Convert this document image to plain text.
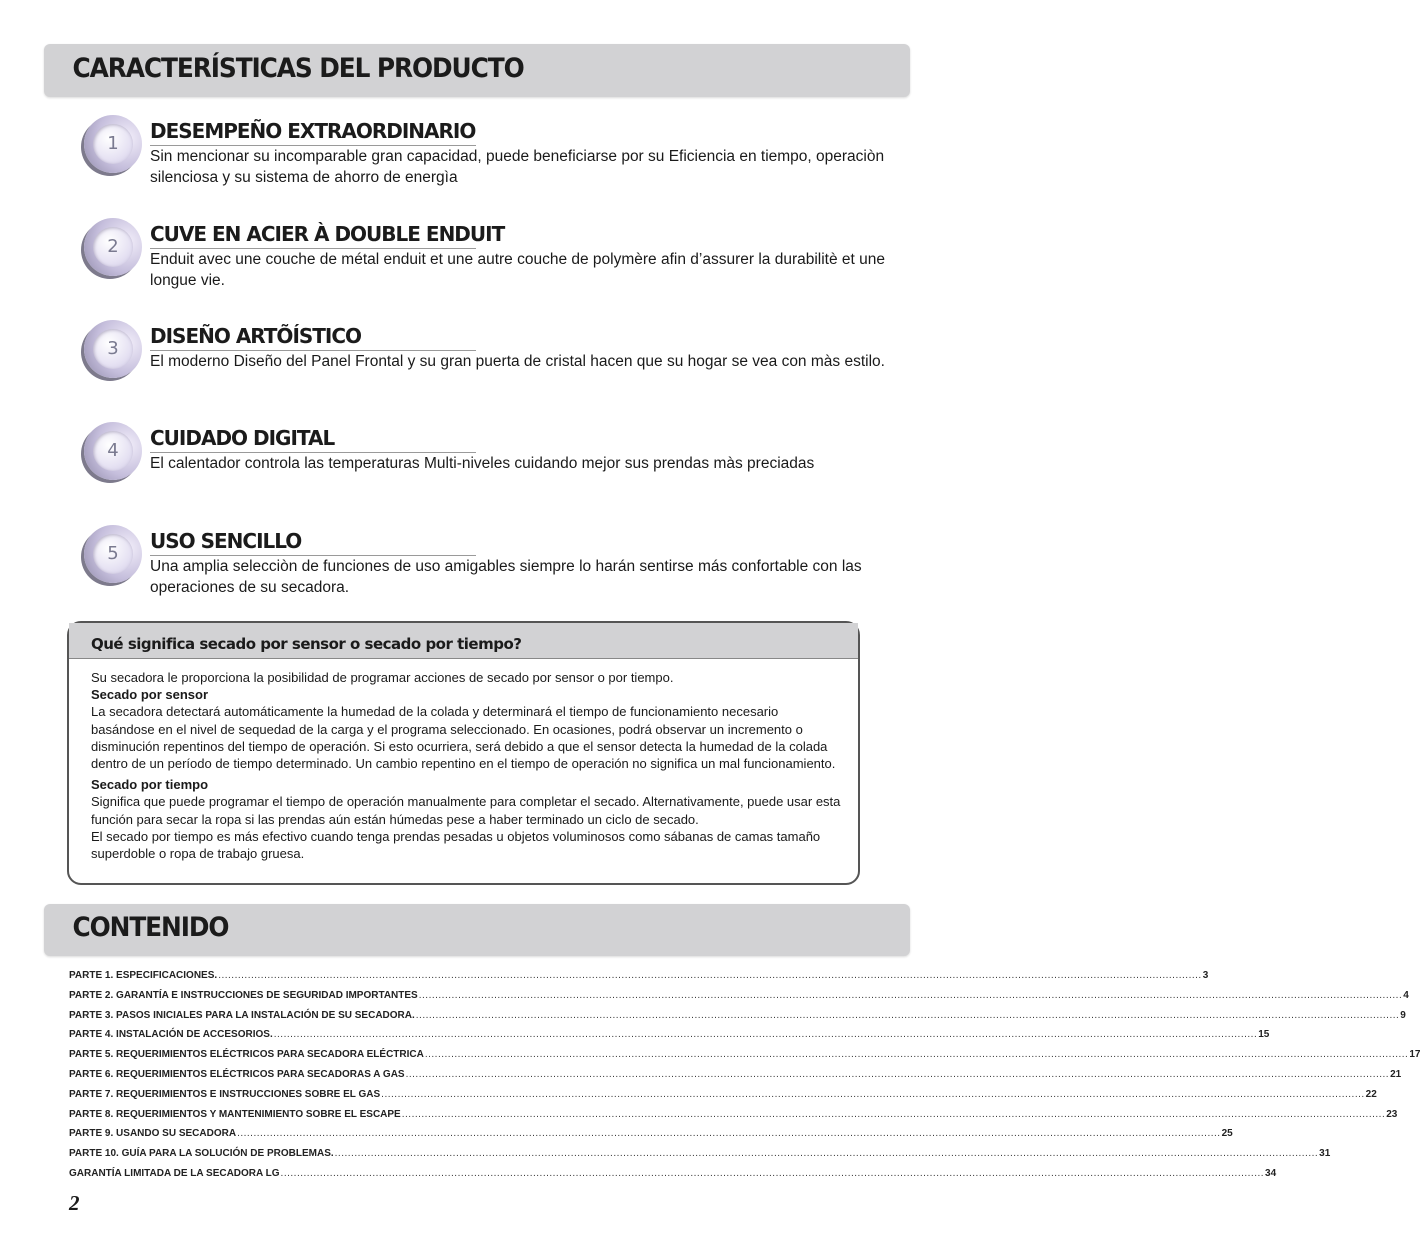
CARACTERÍSTICAS DEL PRODUCTO
1
DESEMPEÑO EXTRAORDINARIO

Sin mencionar su incomparable gran capacidad, puede beneficiarse por su Eficiencia en tiempo, operaciòn silenciosa y su sistema de ahorro de energìa

2
CUVE EN ACIER À DOUBLE ENDUIT

Enduit avec une couche de métal enduit et une autre couche de polymère afin d’assurer la durabilitè et une longue vie.

3
DISEÑO ARTÕÍSTICO

El moderno Diseño del Panel Frontal y su gran puerta de cristal hacen que su hogar se vea con màs estilo.

4
CUIDADO DIGITAL

El calentador controla las temperaturas Multi-niveles cuidando mejor sus prendas màs preciadas

5
USO SENCILLO

Una amplia selecciòn de funciones de uso amigables siempre lo harán sentirse más confortable con las operaciones de su secadora.

Qué significa secado por sensor o secado por tiempo?

Su secadora le proporciona la posibilidad de programar acciones de secado por sensor o por tiempo.

Secado por sensor

La secadora detectará automáticamente la humedad de la colada y determinará el tiempo de funcionamiento necesario basándose en el nivel de sequedad de la carga y el programa seleccionado. En ocasiones, podrá observar un incremento o disminución repentinos del tiempo de operación. Si esto ocurriera, será debido a que el sensor detecta la humedad de la colada dentro de un período de tiempo determinado. Un cambio repentino en el tiempo de operación no significa un mal funcionamiento.

Secado por tiempo

Significa que puede programar el tiempo de operación manualmente para completar el secado. Alternativamente, puede usar esta función para secar la ropa si las prendas aún están húmedas pese a haber terminado un ciclo de secado.

El secado por tiempo es más efectivo cuando tenga prendas pesadas u objetos voluminosos como sábanas de camas tamaño superdoble o ropa de trabajo gruesa.

CONTENIDO
PARTE 1. ESPECIFICACIONES. ............................................................................................................................................................................................................................................................................................................ 3
PARTE 2. GARANTÍA E INSTRUCCIONES DE SEGURIDAD IMPORTANTES ............................................................................................................................................................................................................................................................................................................ 4
PARTE 3. PASOS INICIALES PARA LA INSTALACIÓN DE SU SECADORA. ............................................................................................................................................................................................................................................................................................................ 9
PARTE 4. INSTALACIÓN DE ACCESORIOS. ............................................................................................................................................................................................................................................................................................................ 15
PARTE 5. REQUERIMIENTOS ELÉCTRICOS PARA SECADORA ELÉCTRICA ............................................................................................................................................................................................................................................................................................................ 17
PARTE 6. REQUERIMIENTOS ELÉCTRICOS PARA SECADORAS A GAS ............................................................................................................................................................................................................................................................................................................ 21
PARTE 7. REQUERIMIENTOS E INSTRUCCIONES SOBRE EL GAS ............................................................................................................................................................................................................................................................................................................ 22
PARTE 8. REQUERIMIENTOS Y MANTENIMIENTO SOBRE EL ESCAPE ............................................................................................................................................................................................................................................................................................................ 23
PARTE 9. USANDO SU SECADORA ............................................................................................................................................................................................................................................................................................................ 25
PARTE 10. GUÍA PARA LA SOLUCIÓN DE PROBLEMAS. ............................................................................................................................................................................................................................................................................................................ 31
GARANTÍA LIMITADA DE LA SECADORA LG ............................................................................................................................................................................................................................................................................................................ 34
2
